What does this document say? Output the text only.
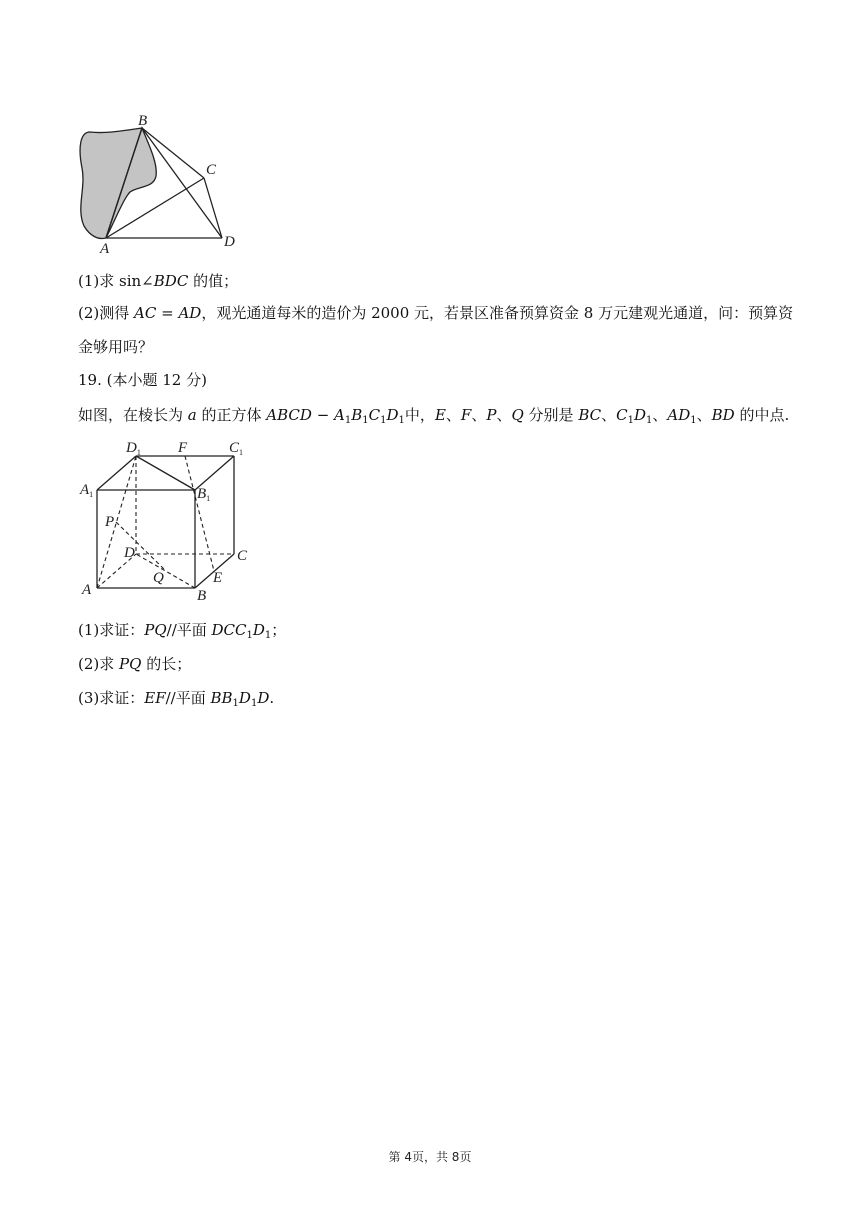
B
C
A	D
(1)求 sin∠BDC 的值；
(2)测得 AC = AD，观光通道每米的造价为 2000 元，若景区准备预算资金 8 万元建观光通道，问：预算资
金够用吗？
19. (本小题 12 分)
如图，在棱长为 a 的正方体 ABCD − $A_1B_1C_1D_1$中，E、F、P、Q 分别是 BC、$C_1D_1$、$AD_1$、BD 的中点.
$D_1$ F	$C_1$
$A_1$	$B_1$
P
D	C
Q	E
A	B
(1)求证：PQ//平面 $DCC_1D_1$；
(2)求 PQ 的长；
(3)求证：EF//平面 $BB_1D_1D$.
第 4页，共 8页
